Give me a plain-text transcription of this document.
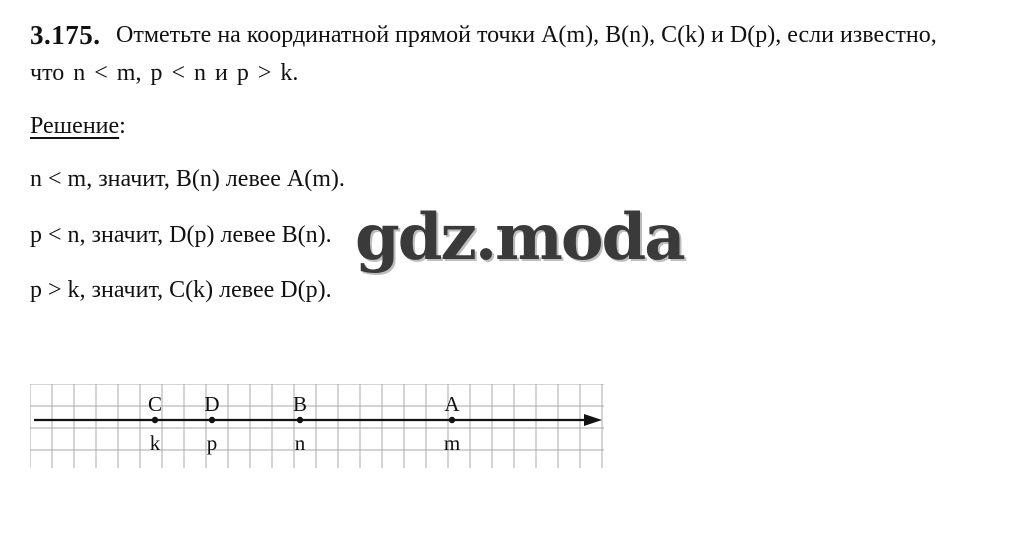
3.175. Отметьте на координатной прямой точки A(m), B(n), C(k) и D(p), если известно,
что n < m, p < n и p > k.
Решение:
n < m, значит, B(n) левее A(m).
p < n, значит, D(p) левее B(n).
p > k, значит, C(k) левее D(p).
gdz.moda
C
k
D
p
B
n
A
m
